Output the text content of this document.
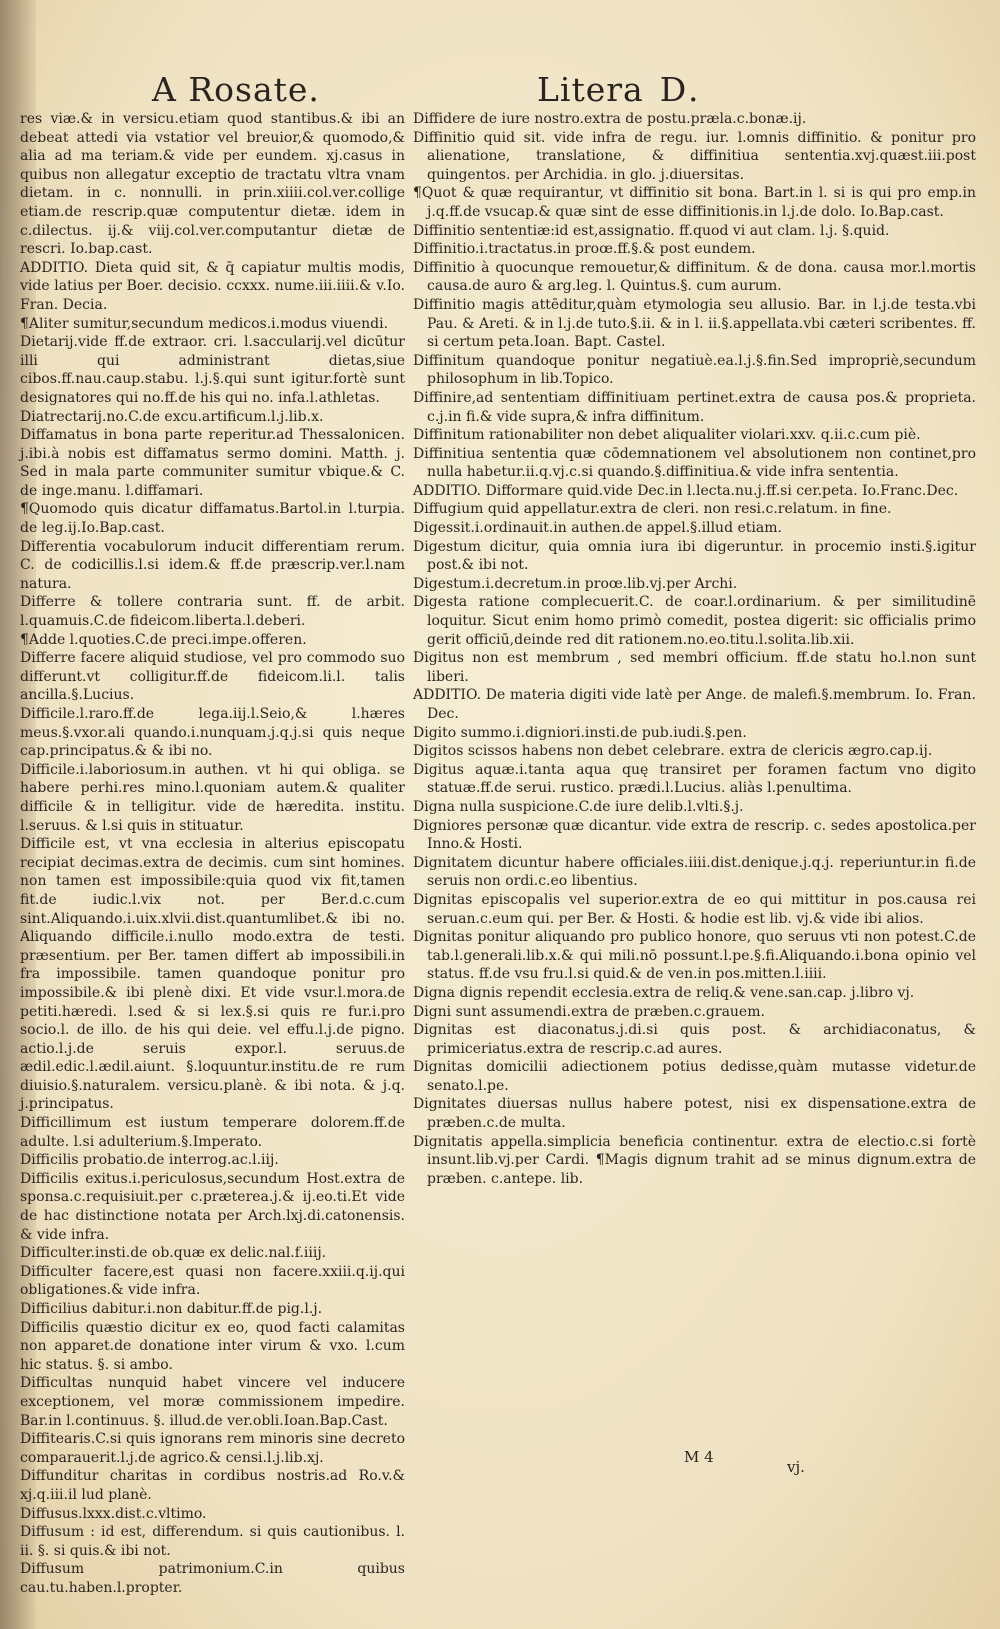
A Rosate.	Litera D.

res viæ.& in versicu.etiam quod stantibus.& ibi an debeat attedi via vstatior vel breuior,& quomodo,& alia ad ma teriam.& vide per eundem. xj.casus in quibus non allegatur exceptio de tractatu vltra vnam dietam. in c. nonnulli. in prin.xiiii.col.ver.collige etiam.de rescrip.quæ computentur dietæ. idem in c.dilectus. ij.& viij.col.ver.computantur dietæ de rescri. Io.bap.cast.

ADDITIO. Dieta quid sit, & q̄ capiatur multis modis, vide latius per Boer. decisio. ccxxx. nume.iii.iiii.& v.Io. Fran. Decia.

¶Aliter sumitur,secundum medicos.i.modus viuendi.

Dietarij.vide ff.de extraor. cri. l.saccularij.vel dicūtur illi qui administrant dietas,siue cibos.ff.nau.caup.stabu. l.j.§.qui sunt igitur.fortè sunt designatores qui no.ff.de his qui no. infa.l.athletas.

Diatrectarij.no.C.de excu.artificum.l.j.lib.x.

Diffamatus in bona parte reperitur.ad Thessalonicen. j.ibi.à nobis est diffamatus sermo domini. Matth. j. Sed in mala parte communiter sumitur vbique.& C. de inge.manu. l.diffamari.

¶Quomodo quis dicatur diffamatus.Bartol.in l.turpia. de leg.ij.Io.Bap.cast.

Differentia vocabulorum inducit differentiam rerum. C. de codicillis.l.si idem.& ff.de præscrip.ver.l.nam natura.

Differre & tollere contraria sunt. ff. de arbit. l.quamuis.C.de fideicom.liberta.l.deberi.

¶Adde l.quoties.C.de preci.impe.offeren.

Differre facere aliquid studiose, vel pro commodo suo differunt.vt colligitur.ff.de fideicom.li.l. talis ancilla.§.Lucius.

Difficile.l.raro.ff.de lega.iij.l.Seio,& l.hæres meus.§.vxor.ali quando.i.nunquam.j.q.j.si quis neque cap.principatus.& & ibi no.

Difficile.i.laboriosum.in authen. vt hi qui obliga. se habere perhi.res mino.l.quoniam autem.& qualiter difficile & in telligitur. vide de hæredita. institu. l.seruus. & l.si quis in stituatur.

Difficile est, vt vna ecclesia in alterius episcopatu recipiat decimas.extra de decimis. cum sint homines. non tamen est impossibile:quia quod vix fit,tamen fit.de iudic.l.vix not. per Ber.d.c.cum sint.Aliquando.i.uix.xlvii.dist.quantumlibet.& ibi no. Aliquando difficile.i.nullo modo.extra de testi. præsentium. per Ber. tamen differt ab impossibili.in fra impossibile. tamen quandoque ponitur pro impossibile.& ibi plenè dixi. Et vide vsur.l.mora.de petiti.hæredi. l.sed & si lex.§.si quis re fur.i.pro socio.l. de illo. de his qui deie. vel effu.l.j.de pigno. actio.l.j.de seruis expor.l. seruus.de ædil.edic.l.ædil.aiunt. §.loquuntur.institu.de re rum diuisio.§.naturalem. versicu.planè. & ibi nota. & j.q. j.principatus.

Difficillimum est iustum temperare dolorem.ff.de adulte. l.si adulterium.§.Imperato.

Difficilis probatio.de interrog.ac.l.iij.

Difficilis exitus.i.periculosus,secundum Host.extra de sponsa.c.requisiuit.per c.præterea.j.& ij.eo.ti.Et vide de hac distinctione notata per Arch.lxj.di.catonensis. & vide infra.

Difficulter.insti.de ob.quæ ex delic.nal.f.iiij.

Difficulter facere,est quasi non facere.xxiii.q.ij.qui obligationes.& vide infra.

Difficilius dabitur.i.non dabitur.ff.de pig.l.j.

Difficilis quæstio dicitur ex eo, quod facti calamitas non apparet.de donatione inter virum & vxo. l.cum hic status. §. si ambo.

Difficultas nunquid habet vincere vel inducere exceptionem, vel moræ commissionem impedire. Bar.in l.continuus. §. illud.de ver.obli.Ioan.Bap.Cast.

Diffitearis.C.si quis ignorans rem minoris sine decreto comparauerit.l.j.de agrico.& censi.l.j.lib.xj.

Diffunditur charitas in cordibus nostris.ad Ro.v.& xj.q.iii.il lud planè.

Diffusus.lxxx.dist.c.vltimo.

Diffusum : id est, differendum. si quis cautionibus. l. ii. §. si quis.& ibi not.

Diffusum patrimonium.C.in quibus cau.tu.haben.l.propter.

Diffidere de iure nostro.extra de postu.præla.c.bonæ.ij.

Diffinitio quid sit. vide infra de regu. iur. l.omnis diffinitio. & ponitur pro alienatione, translatione, & diffinitiua sententia.xvj.quæst.iii.post quingentos. per Archidia. in glo. j.diuersitas.

¶Quot & quæ requirantur, vt diffinitio sit bona. Bart.in l. si is qui pro emp.in j.q.ff.de vsucap.& quæ sint de esse diffinitionis.in l.j.de dolo. Io.Bap.cast.

Diffinitio sententiæ:id est,assignatio. ff.quod vi aut clam. l.j. §.quid.

Diffinitio.i.tractatus.in proœ.ff.§.& post eundem.

Diffinitio à quocunque remouetur,& diffinitum. & de dona. causa mor.l.mortis causa.de auro & arg.leg. l. Quintus.§. cum aurum.

Diffinitio magis attēditur,quàm etymologia seu allusio. Bar. in l.j.de testa.vbi Pau. & Areti. & in l.j.de tuto.§.ii. & in l. ii.§.appellata.vbi cæteri scribentes. ff. si certum peta.Ioan. Bapt. Castel.

Diffinitum quandoque ponitur negatiuè.ea.l.j.§.fin.Sed impropriè,secundum philosophum in lib.Topico.

Diffinire,ad sententiam diffinitiuam pertinet.extra de causa pos.& proprieta. c.j.in fi.& vide supra,& infra diffinitum.

Diffinitum rationabiliter non debet aliqualiter violari.xxv. q.ii.c.cum piè.

Diffinitiua sententia quæ cōdemnationem vel absolutionem non continet,pro nulla habetur.ii.q.vj.c.si quando.§.diffinitiua.& vide infra sententia.

ADDITIO. Difformare quid.vide Dec.in l.lecta.nu.j.ff.si cer.peta. Io.Franc.Dec.

Diffugium quid appellatur.extra de cleri. non resi.c.relatum. in fine.

Digessit.i.ordinauit.in authen.de appel.§.illud etiam.

Digestum dicitur, quia omnia iura ibi digeruntur. in procemio insti.§.igitur post.& ibi not.

Digestum.i.decretum.in proœ.lib.vj.per Archi.

Digesta ratione complecuerit.C. de coar.l.ordinarium. & per similitudinē loquitur. Sicut enim homo primò comedit, postea digerit: sic officialis primo gerit officiū,deinde red dit rationem.no.eo.titu.l.solita.lib.xii.

Digitus non est membrum , sed membri officium. ff.de statu ho.l.non sunt liberi.

ADDITIO. De materia digiti vide latè per Ange. de malefi.§.membrum. Io. Fran. Dec.

Digito summo.i.digniori.insti.de pub.iudi.§.pen.

Digitos scissos habens non debet celebrare. extra de clericis ægro.cap.ij.

Digitus aquæ.i.tanta aqua quę transiret per foramen factum vno digito statuæ.ff.de serui. rustico. prædi.l.Lucius. aliàs l.penultima.

Digna nulla suspicione.C.de iure delib.l.vlti.§.j.

Digniores personæ quæ dicantur. vide extra de rescrip. c. sedes apostolica.per Inno.& Hosti.

Dignitatem dicuntur habere officiales.iiii.dist.denique.j.q.j. reperiuntur.in fi.de seruis non ordi.c.eo libentius.

Dignitas episcopalis vel superior.extra de eo qui mittitur in pos.causa rei seruan.c.eum qui. per Ber. & Hosti. & hodie est lib. vj.& vide ibi alios.

Dignitas ponitur aliquando pro publico honore, quo seruus vti non potest.C.de tab.l.generali.lib.x.& qui mili.nō possunt.l.pe.§.fi.Aliquando.i.bona opinio vel status. ff.de vsu fru.l.si quid.& de ven.in pos.mitten.l.iiii.

Digna dignis rependit ecclesia.extra de reliq.& vene.san.cap. j.libro vj.

Digni sunt assumendi.extra de præben.c.grauem.

Dignitas est diaconatus.j.di.si quis post. & archidiaconatus, & primiceriatus.extra de rescrip.c.ad aures.

Dignitas domicilii adiectionem potius dedisse,quàm mutasse videtur.de senato.l.pe.

Dignitates diuersas nullus habere potest, nisi ex dispensatione.extra de præben.c.de multa.

Dignitatis appella.simplicia beneficia continentur. extra de electio.c.si fortè insunt.lib.vj.per Cardi. ¶Magis dignum trahit ad se minus dignum.extra de præben. c.antepe. lib.

M 4
vj.
